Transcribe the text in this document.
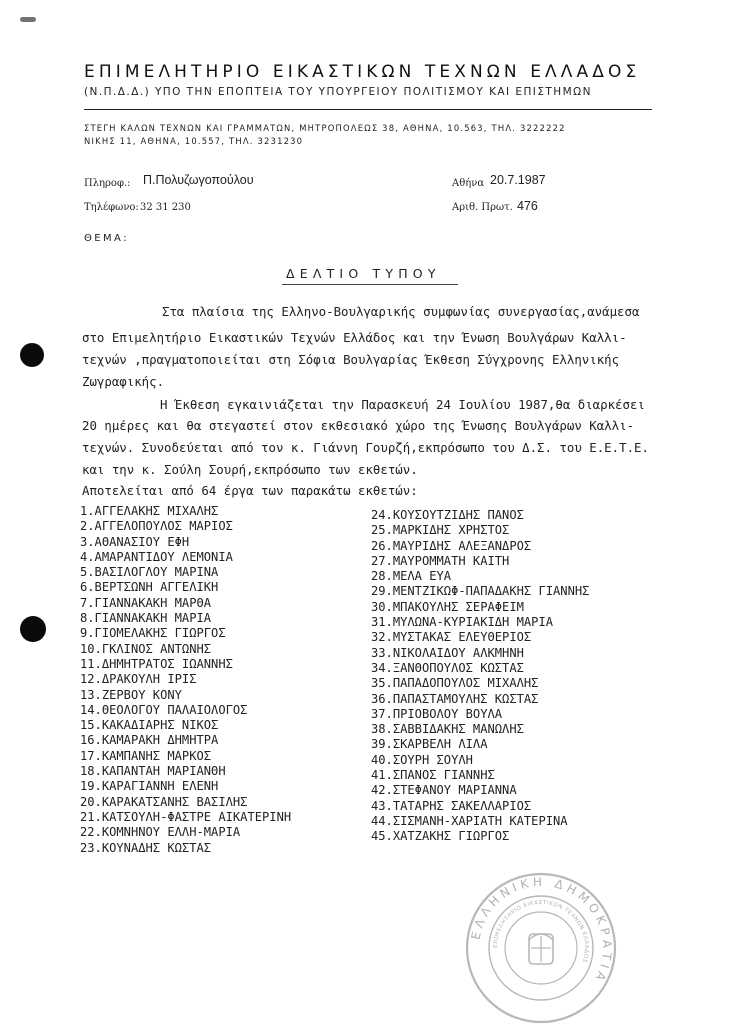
ΕΠΙΜΕΛΗΤΗΡΙΟ ΕΙΚΑΣΤΙΚΩΝ ΤΕΧΝΩΝ ΕΛΛΑΔΟΣ
(Ν.Π.Δ.Δ.) ΥΠΟ ΤΗΝ ΕΠΟΠΤΕΙΑ ΤΟΥ ΥΠΟΥΡΓΕΙΟΥ ΠΟΛΙΤΙΣΜΟΥ ΚΑΙ ΕΠΙΣΤΗΜΩΝ
ΣΤΕΓΗ ΚΑΛΩΝ ΤΕΧΝΩΝ ΚΑΙ ΓΡΑΜΜΑΤΩΝ, ΜΗΤΡΟΠΟΛΕΩΣ 38, ΑΘΗΝΑ, 10.563, ΤΗΛ. 3222222
ΝΙΚΗΣ 11, ΑΘΗΝΑ, 10.557, ΤΗΛ. 3231230
Πληροφ.: Π.Πολυζωγοπούλου
Τηλέφωνο: 32 31 230
Αθήνα 20.7.1987
Αριθ. Πρωτ. 476
ΘΕΜΑ:
ΔΕΛΤΙΟ ΤΥΠΟΥ
Στα πλαίσια της Ελληνο-Βουλγαρικής συμφωνίας συνεργασίας,ανάμεσα
στο Επιμελητήριο Εικαστικών Τεχνών Ελλάδος και την Ένωση Βουλγάρων Καλλι-
τεχνών ,πραγματοποιείται στη Σόφια Βουλγαρίας Έκθεση Σύγχρονης Ελληνικής
Ζωγραφικής.
Η Έκθεση εγκαινιάζεται την Παρασκευή 24 Ιουλίου 1987,θα διαρκέσει
20 ημέρες και θα στεγαστεί στον εκθεσιακό χώρο της Ένωσης Βουλγάρων Καλλι-
τεχνών. Συνοδεύεται από τον κ. Γιάννη Γουρζή,εκπρόσωπο του Δ.Σ. του Ε.Ε.Τ.Ε.
και την κ. Σούλη Σουρή,εκπρόσωπο των εκθετών.
Αποτελείται από 64 έργα των παρακάτω εκθετών:
1.ΑΓΓΕΛΑΚΗΣ ΜΙΧΑΛΗΣ
2.ΑΓΓΕΛΟΠΟΥΛΟΣ ΜΑΡΙΟΣ
3.ΑΘΑΝΑΣΙΟΥ ΕΦΗ
4.ΑΜΑΡΑΝΤΙΔΟΥ ΛΕΜΟΝΙΑ
5.ΒΑΣΙΛΟΓΛΟΥ ΜΑΡΙΝΑ
6.ΒΕΡΤΣΩΝΗ ΑΓΓΕΛΙΚΗ
7.ΓΙΑΝΝΑΚΑΚΗ ΜΑΡΘΑ
8.ΓΙΑΝΝΑΚΑΚΗ ΜΑΡΙΑ
9.ΓΙΟΜΕΛΑΚΗΣ ΓΙΩΡΓΟΣ
10.ΓΚΛΙΝΟΣ ΑΝΤΩΝΗΣ
11.ΔΗΜΗΤΡΑΤΟΣ ΙΩΑΝΝΗΣ
12.ΔΡΑΚΟΥΛΗ ΙΡΙΣ
13.ΖΕΡΒΟΥ ΚΟΝΥ
14.ΘΕΟΛΟΓΟΥ ΠΑΛΑΙΟΛΟΓΟΣ
15.ΚΑΚΑΔΙΑΡΗΣ ΝΙΚΟΣ
16.ΚΑΜΑΡΑΚΗ ΔΗΜΗΤΡΑ
17.ΚΑΜΠΑΝΗΣ ΜΑΡΚΟΣ
18.ΚΑΠΑΝΤΑΗ ΜΑΡΙΑΝΘΗ
19.ΚΑΡΑΓΙΑΝΝΗ ΕΛΕΝΗ
20.ΚΑΡΑΚΑΤΣΑΝΗΣ ΒΑΣΙΛΗΣ
21.ΚΑΤΣΟΥΛΗ-ΦΑΣΤΡΕ ΑΙΚΑΤΕΡΙΝΗ
22.ΚΟΜΝΗΝΟΥ ΕΛΛΗ-ΜΑΡΙΑ
23.ΚΟΥΝΑΔΗΣ ΚΩΣΤΑΣ
24.ΚΟΥΣΟΥΤΖΙΔΗΣ ΠΑΝΟΣ
25.ΜΑΡΚΙΔΗΣ ΧΡΗΣΤΟΣ
26.ΜΑΥΡΙΔΗΣ ΑΛΕΞΑΝΔΡΟΣ
27.ΜΑΥΡΟΜΜΑΤΗ ΚΑΙΤΗ
28.ΜΕΛΑ ΕΥΑ
29.ΜΕΝΤΖΙΚΩΦ-ΠΑΠΑΔΑΚΗΣ ΓΙΑΝΝΗΣ
30.ΜΠΑΚΟΥΛΗΣ ΣΕΡΑΦΕΙΜ
31.ΜΥΛΩΝΑ-ΚΥΡΙΑΚΙΔΗ ΜΑΡΙΑ
32.ΜΥΣΤΑΚΑΣ ΕΛΕΥΘΕΡΙΟΣ
33.ΝΙΚΟΛΑΙΔΟΥ ΑΛΚΜΗΝΗ
34.ΞΑΝΘΟΠΟΥΛΟΣ ΚΩΣΤΑΣ
35.ΠΑΠΑΔΟΠΟΥΛΟΣ ΜΙΧΑΛΗΣ
36.ΠΑΠΑΣΤΑΜΟΥΛΗΣ ΚΩΣΤΑΣ
37.ΠΡΙΟΒΟΛΟΥ ΒΟΥΛΑ
38.ΣΑΒΒΙΔΑΚΗΣ ΜΑΝΩΛΗΣ
39.ΣΚΑΡΒΕΛΗ ΛΙΛΑ
40.ΣΟΥΡΗ ΣΟΥΛΗ
41.ΣΠΑΝΟΣ ΓΙΑΝΝΗΣ
42.ΣΤΕΦΑΝΟΥ ΜΑΡΙΑΝΝΑ
43.ΤΑΤΑΡΗΣ ΣΑΚΕΛΛΑΡΙΟΣ
44.ΣΙΣΜΑΝΗ-ΧΑΡΙΑΤΗ ΚΑΤΕΡΙΝΑ
45.ΧΑΤΖΑΚΗΣ ΓΙΩΡΓΟΣ
ΕΛΛΗΝΙΚΗ ΔΗΜΟΚΡΑΤΙΑ
ΕΠΙΜΕΛΗΤΗΡΙΟ ΕΙΚΑΣΤΙΚΩΝ ΤΕΧΝΩΝ ΕΛΛΑΔΟΣ
